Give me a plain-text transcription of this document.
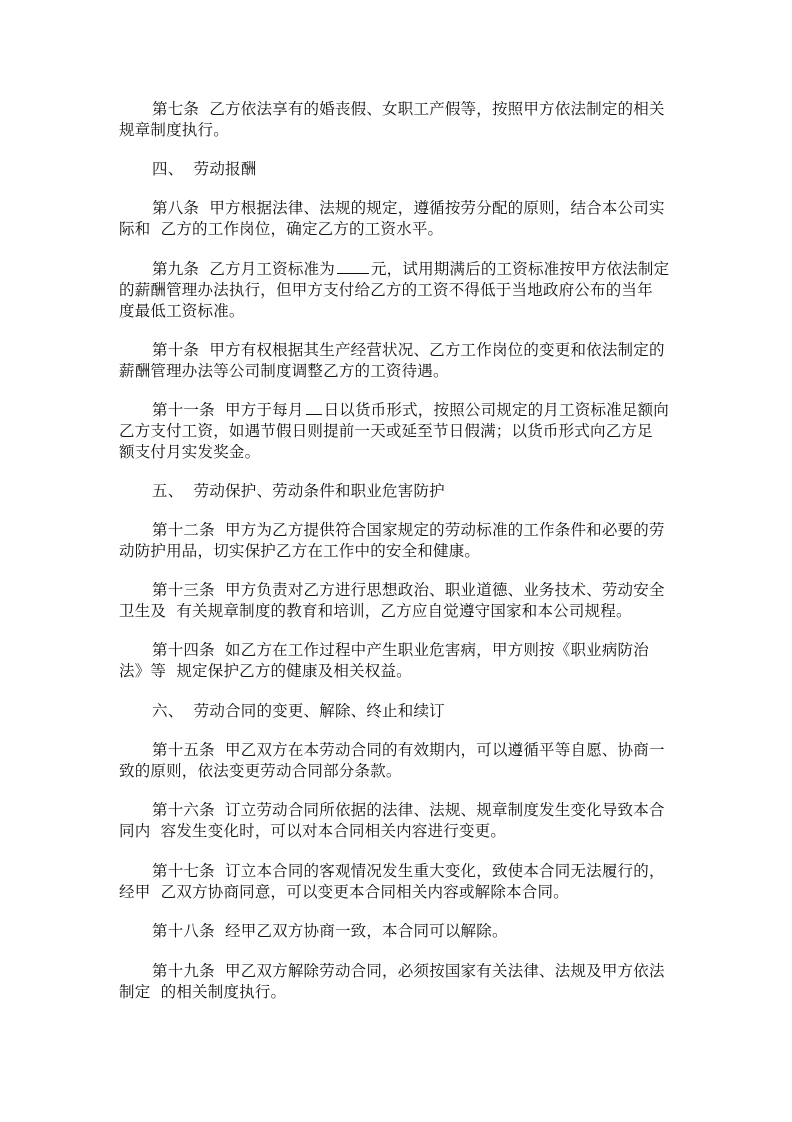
第七条  乙方依法享有的婚丧假、女职工产假等，按照甲方依法制定的相关

规章制度执行。

四、  劳动报酬

第八条  甲方根据法律、法规的规定，遵循按劳分配的原则，结合本公司实

际和  乙方的工作岗位，确定乙方的工资水平。

第九条  乙方月工资标准为 元，试用期满后的工资标准按甲方依法制定

的薪酬管理办法执行，但甲方支付给乙方的工资不得低于当地政府公布的当年

度最低工资标准。

第十条  甲方有权根据其生产经营状况、乙方工作岗位的变更和依法制定的

薪酬管理办法等公司制度调整乙方的工资待遇。

第十一条  甲方于每月 日以货币形式，按照公司规定的月工资标准足额向

乙方支付工资，如遇节假日则提前一天或延至节日假满；以货币形式向乙方足

额支付月实发奖金。

五、  劳动保护、劳动条件和职业危害防护

第十二条  甲方为乙方提供符合国家规定的劳动标准的工作条件和必要的劳

动防护用品，切实保护乙方在工作中的安全和健康。

第十三条  甲方负责对乙方进行思想政治、职业道德、业务技术、劳动安全

卫生及  有关规章制度的教育和培训，乙方应自觉遵守国家和本公司规程。

第十四条  如乙方在工作过程中产生职业危害病，甲方则按《职业病防治

法》等  规定保护乙方的健康及相关权益。

六、  劳动合同的变更、解除、终止和续订

第十五条  甲乙双方在本劳动合同的有效期内，可以遵循平等自愿、协商一

致的原则，依法变更劳动合同部分条款。

第十六条  订立劳动合同所依据的法律、法规、规章制度发生变化导致本合

同内  容发生变化时，可以对本合同相关内容进行变更。

第十七条  订立本合同的客观情况发生重大变化，致使本合同无法履行的，

经甲  乙双方协商同意，可以变更本合同相关内容或解除本合同。

第十八条  经甲乙双方协商一致，本合同可以解除。

第十九条  甲乙双方解除劳动合同，必须按国家有关法律、法规及甲方依法

制定  的相关制度执行。
